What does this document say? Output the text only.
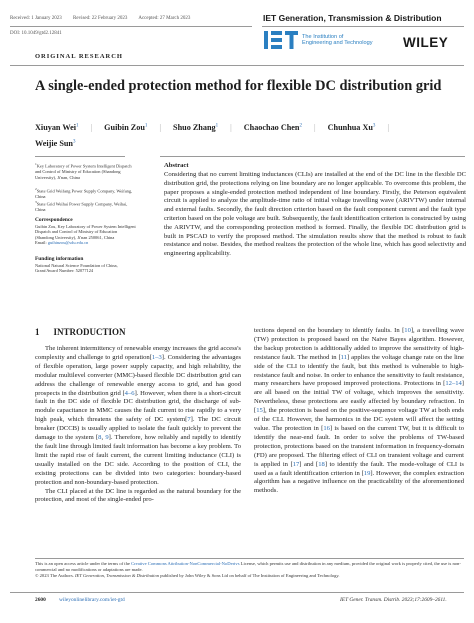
Received: 1 January 2023 Revised: 22 February 2023 Accepted: 27 March 2023	IET Generation, Transmission & Distribution
DOI: 10.1049/gtd2.12841
The Institution of
Engineering and Technology WILEY
ORIGINAL RESEARCH
A single-ended protection method for flexible DC distribution grid
Xiuyan Wei$^1$ | Guibin Zou$^1$ | Shuo Zhang$^1$ | Chaochao Chen$^2$ | Chunhua Xu$^3$ |
Weijie Sun$^3$
$^1$Key Laboratory of Power System Intelligent Dispatch and Control of Ministry of Education (Shandong University), Ji'nan, China
$^2$State Grid Weifang Power Supply Company, Weifang, China
$^3$State Grid Weihai Power Supply Company, Weihai, China
Correspondence
Guibin Zou, Key Laboratory of Power System Intelligent Dispatch and Control of Ministry of Education (Shandong University), Ji'nan 250061, China
Email: guihinzou@sdu.edu.cn
Funding information
National Natural Science Foundation of China, Grant/Award Number: 52077124
Abstract
Considering that no current limiting inductances (CLIs) are installed at the end of the DC line in the flexible DC distribution grid, the protections relying on line boundary are no longer applicable. To overcome this problem, the paper proposes a single-ended protection method independent of line boundary. Firstly, the Peterson equivalent circuit is applied to analyze the amplitude-time ratio of initial voltage travelling wave (ARIVTW) under internal and external faults. Secondly, the fault direction criterion based on the fault component current and the fault type criterion based on the pole voltage are built. Subsequently, the fault identification criterion is constructed by using the ARIVTW, and the corresponding protection method is formed. Finally, the flexible DC distribution grid is built in PSCAD to verify the proposed method. The simulation results show that the method is robust to fault resistance and noise. Besides, the method realizes the protection of the whole line, which has good selectivity and engineering applicability.
1 INTRODUCTION

The inherent intermittency of renewable energy increases the grid access's complexity and challenge to grid operation[1–3]. Considering the advantages of flexible operation, large power supply capacity, and high reliability, the modular multilevel converter (MMC)-based flexible DC distribution grid can address the challenge of renewable energy access to grid, and has good prospects in the distribution grid [4–6]. However, when there is a short-circuit fault in the DC side of flexible DC distribution grid, the discharge of sub-module capacitance in MMC causes the fault current to rise rapidly to a very high peak, which threatens the safety of DC system[7]. The DC circuit breaker (DCCB) is usually applied to isolate the fault quickly to prevent the damage to the system [8, 9]. Therefore, how reliably and rapidly to identify the fault line through limited fault information has become a key problem. To limit the rapid rise of fault current, the current limiting inductance (CLI) is usually installed on the DC side. According to the position of CLI, the existing protections can be divided into two categories: boundary-based protection and non-boundary-based protection.

The CLI placed at the DC line is regarded as the natural boundary for the protection, and most of the single-ended pro-

tections depend on the boundary to identify faults. In [10], a travelling wave (TW) protection is proposed based on the Naive Bayes algorithm. However, the backup protection is additionally added to improve the sensitivity of high-resistance fault. The method in [11] applies the voltage change rate on the line side of the CLI to identify the fault, but this method is vulnerable to high-resistance fault and noise. In order to enhance the sensitivity to fault resistance, many researchers have proposed improved protections. Protections in [12–14] are all based on the initial TW of voltage, which improves the sensitivity. Nevertheless, these protections are easily affected by boundary refraction. In [15], the protection is based on the positive-sequence voltage TW at both ends of the CLI. However, the harmonics in the DC system will affect the setting value. The protection in [16] is based on the current TW, but it is difficult to identify the near-end fault. In order to solve the problems of TW-based protection, protections based on the transient information in frequency-domain (FD) are proposed. The filtering effect of CLI on transient voltage and current is applied in [17] and [18] to identify the fault. The mode-voltage of CLI is used as a fault identification criterion in [19]. However, the complex extraction algorithm has a negative influence on the practicability of the aforementioned methods.

This is an open access article under the terms of the Creative Commons Attribution-NonCommercial-NoDerivs License, which permits use and distribution in any medium, provided the original work is properly cited, the use is non-commercial and no modifications or adaptations are made.
© 2023 The Authors. IET Generation, Transmission & Distribution published by John Wiley & Sons Ltd on behalf of The Institution of Engineering and Technology.
2600 wileyonlinelibrary.com/iet-gtd	IET Gener. Transm. Distrib. 2023;17:2609–2611.
